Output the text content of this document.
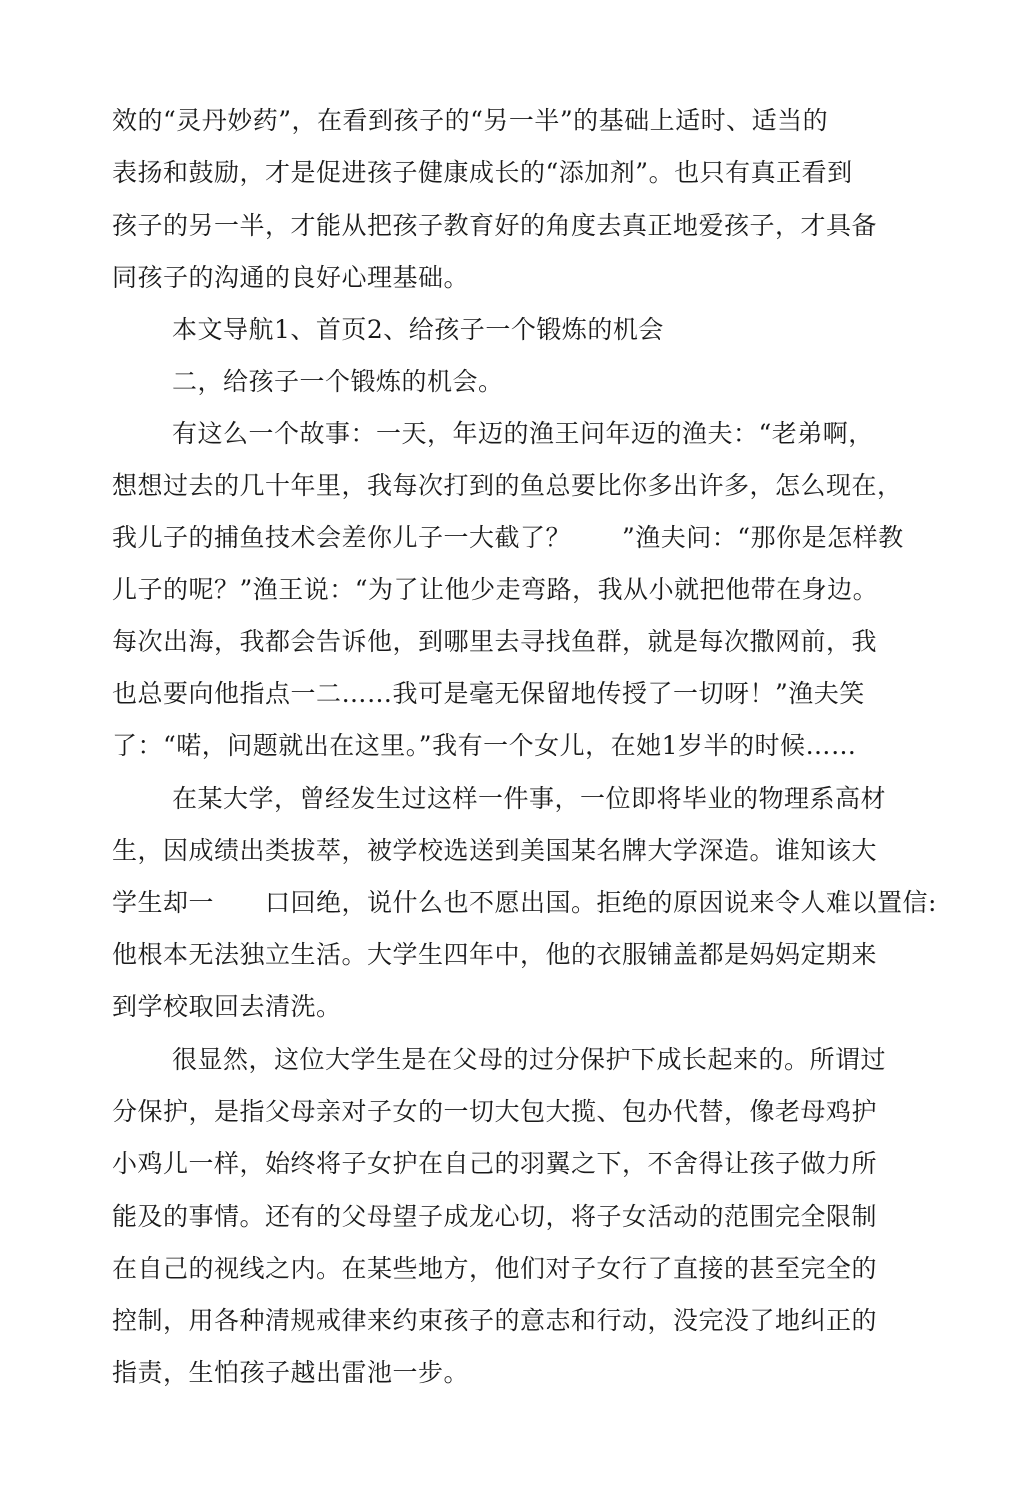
效的“灵丹妙药”，在看到孩子的“另一半”的基础上适时、适当的
表扬和鼓励，才是促进孩子健康成长的“添加剂”。也只有真正看到
孩子的另一半，才能从把孩子教育好的角度去真正地爱孩子，才具备
同孩子的沟通的良好心理基础。
本文导航1、首页2、给孩子一个锻炼的机会
二，给孩子一个锻炼的机会。
有这么一个故事：一天，年迈的渔王问年迈的渔夫：“老弟啊，
想想过去的几十年里，我每次打到的鱼总要比你多出许多，怎么现在，
我儿子的捕鱼技术会差你儿子一大截了？　　”渔夫问：“那你是怎样教
儿子的呢？”渔王说：“为了让他少走弯路，我从小就把他带在身边。
每次出海，我都会告诉他，到哪里去寻找鱼群，就是每次撒网前，我
也总要向他指点一二……我可是毫无保留地传授了一切呀！”渔夫笑
了：“喏，问题就出在这里。”我有一个女儿，在她1岁半的时候……
在某大学，曾经发生过这样一件事，一位即将毕业的物理系高材
生，因成绩出类拔萃，被学校选送到美国某名牌大学深造。谁知该大
学生却一　　口回绝，说什么也不愿出国。拒绝的原因说来令人难以置信:
他根本无法独立生活。大学生四年中，他的衣服铺盖都是妈妈定期来
到学校取回去清洗。
很显然，这位大学生是在父母的过分保护下成长起来的。所谓过
分保护，是指父母亲对子女的一切大包大揽、包办代替，像老母鸡护
小鸡儿一样，始终将子女护在自己的羽翼之下，不舍得让孩子做力所
能及的事情。还有的父母望子成龙心切，将子女活动的范围完全限制
在自己的视线之内。在某些地方，他们对子女行了直接的甚至完全的
控制，用各种清规戒律来约束孩子的意志和行动，没完没了地纠正的
指责，生怕孩子越出雷池一步。
